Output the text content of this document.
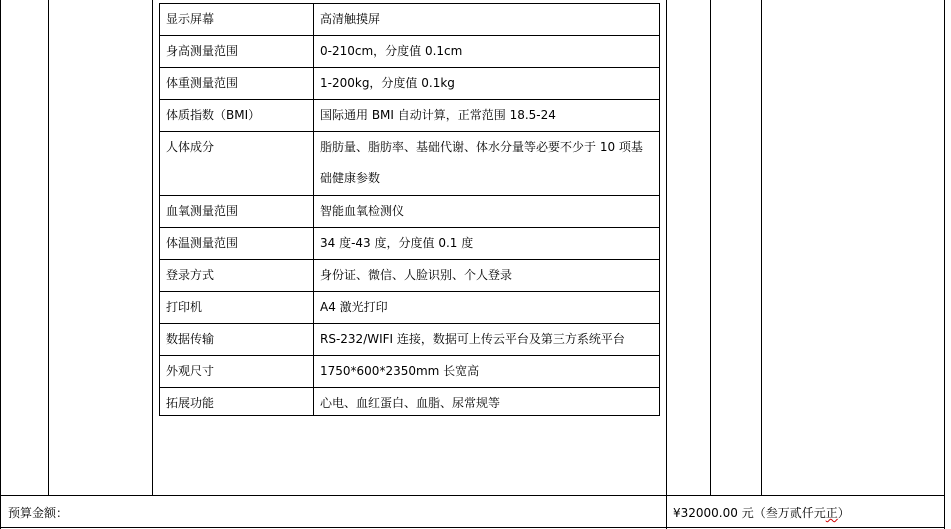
显示屏幕	高清触摸屏
身高测量范围	0-210cm，分度值 0.1cm
体重测量范围	1-200kg，分度值 0.1kg
体质指数（BMI）	国际通用 BMI 自动计算，正常范围 18.5-24
人体成分	脂肪量、脂肪率、基础代谢、体水分量等必要不少于 10 项基础健康参数
血氧测量范围	智能血氧检测仪
体温测量范围	34 度-43 度，分度值 0.1 度
登录方式	身份证、微信、人脸识别、个人登录
打印机	A4 激光打印
数据传输	RS-232/WIFI 连接，数据可上传云平台及第三方系统平台
外观尺寸	1750*600*2350mm 长宽高
拓展功能	心电、血红蛋白、血脂、尿常规等
预算金额：	¥32000.00 元（叁万贰仟元正）
